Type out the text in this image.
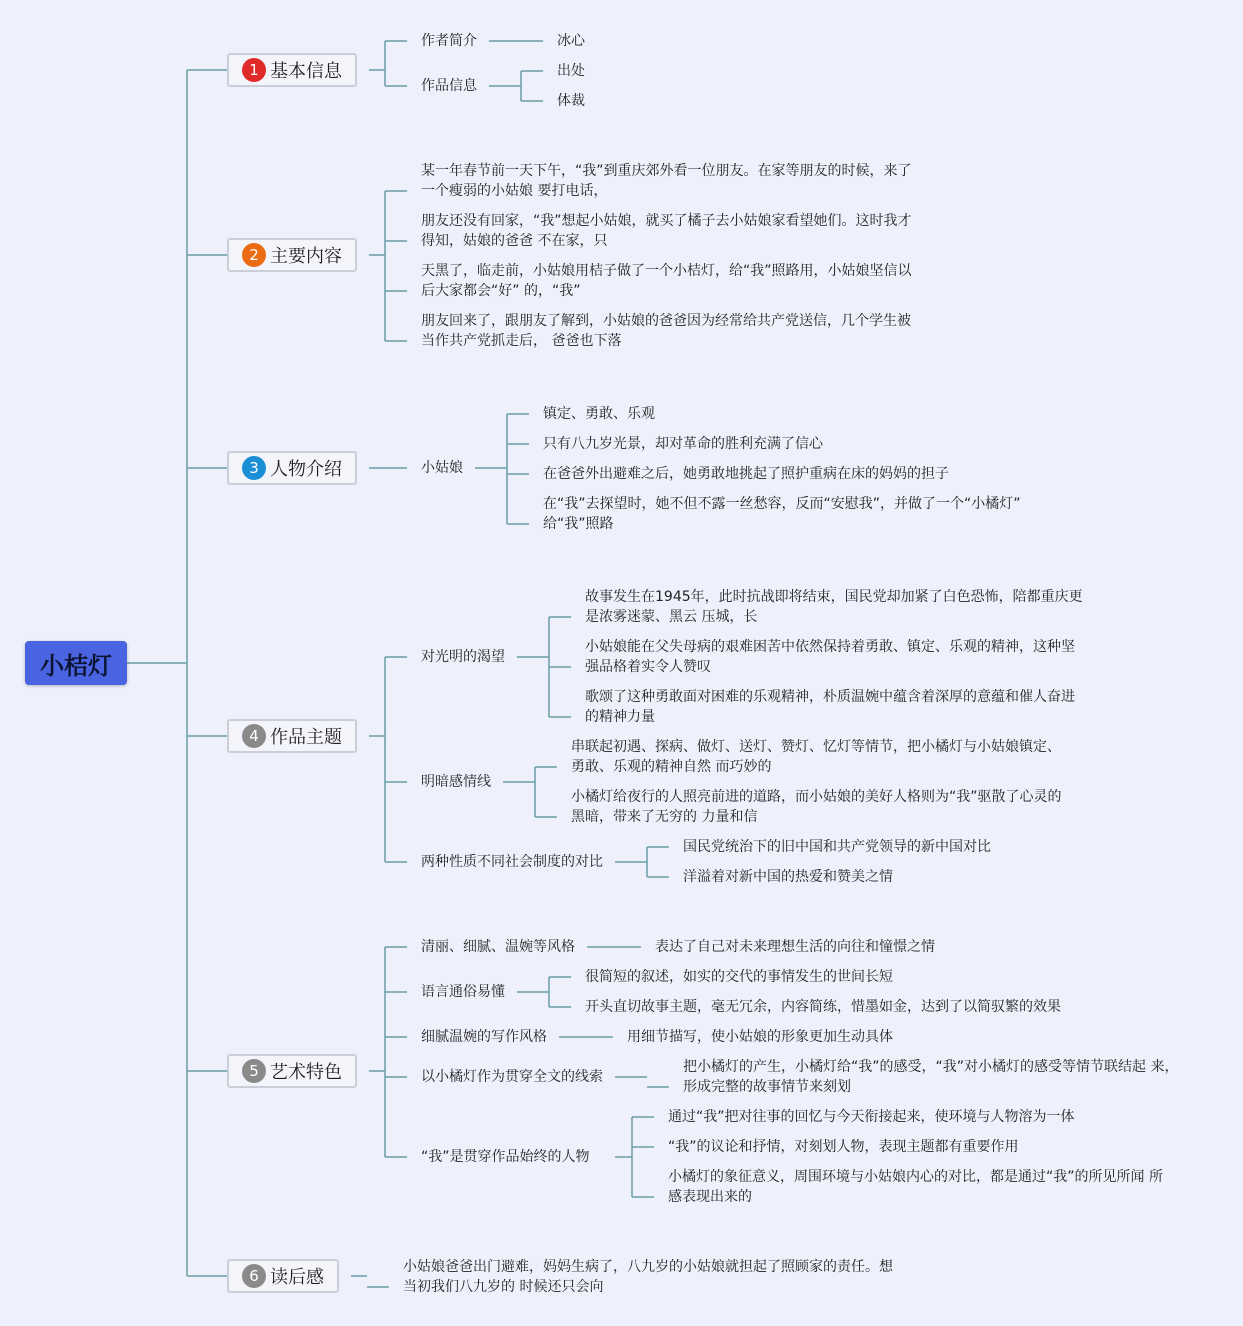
小桔灯
1 基本信息
作者简介	冰心
作品信息
出处
体裁
2 主要内容
某一年春节前一天下午，“我”到重庆郊外看一位朋友。在家等朋友的时候，来了
一个瘦弱的小姑娘 要打电话，
朋友还没有回家，“我”想起小姑娘，就买了橘子去小姑娘家看望她们。这时我才
得知，姑娘的爸爸 不在家，只
天黑了，临走前，小姑娘用桔子做了一个小桔灯，给“我”照路用，小姑娘坚信以
后大家都会“好” 的，“我”
朋友回来了，跟朋友了解到，小姑娘的爸爸因为经常给共产党送信，几个学生被
当作共产党抓走后， 爸爸也下落
3 人物介绍	小姑娘
镇定、勇敢、乐观
只有八九岁光景，却对革命的胜利充满了信心
在爸爸外出避难之后，她勇敢地挑起了照护重病在床的妈妈的担子
在“我”去探望时，她不但不露一丝愁容，反而“安慰我”，并做了一个“小橘灯”
给“我”照路
4 作品主题
对光明的渴望
故事发生在1945年，此时抗战即将结束，国民党却加紧了白色恐怖，陪都重庆更
是浓雾迷蒙、黑云 压城，长
小姑娘能在父失母病的艰难困苦中依然保持着勇敢、镇定、乐观的精神，这种坚
强品格着实令人赞叹
歌颂了这种勇敢面对困难的乐观精神，朴质温婉中蕴含着深厚的意蕴和催人奋进
的精神力量
明暗感情线
串联起初遇、探病、做灯、送灯、赞灯、忆灯等情节，把小橘灯与小姑娘镇定、
勇敢、乐观的精神自然 而巧妙的
小橘灯给夜行的人照亮前进的道路，而小姑娘的美好人格则为“我”驱散了心灵的
黑暗，带来了无穷的 力量和信
两种性质不同社会制度的对比
国民党统治下的旧中国和共产党领导的新中国对比
洋溢着对新中国的热爱和赞美之情
5 艺术特色
清丽、细腻、温婉等风格	表达了自己对未来理想生活的向往和憧憬之情
语言通俗易懂
很简短的叙述，如实的交代的事情发生的世间长短
开头直切故事主题，毫无冗余，内容简练，惜墨如金，达到了以简驭繁的效果
细腻温婉的写作风格	用细节描写，使小姑娘的形象更加生动具体
以小橘灯作为贯穿全文的线索
把小橘灯的产生，小橘灯给“我”的感受，“我”对小橘灯的感受等情节联结起 来，
形成完整的故事情节来刻划
“我”是贯穿作品始终的人物
通过“我”把对往事的回忆与今天衔接起来，使环境与人物溶为一体
“我”的议论和抒情，对刻划人物，表现主题都有重要作用
小橘灯的象征意义，周围环境与小姑娘内心的对比，都是通过“我”的所见所闻 所
感表现出来的
6 读后感	小姑娘爸爸出门避难，妈妈生病了，八九岁的小姑娘就担起了照顾家的责任。想
当初我们八九岁的 时候还只会向
